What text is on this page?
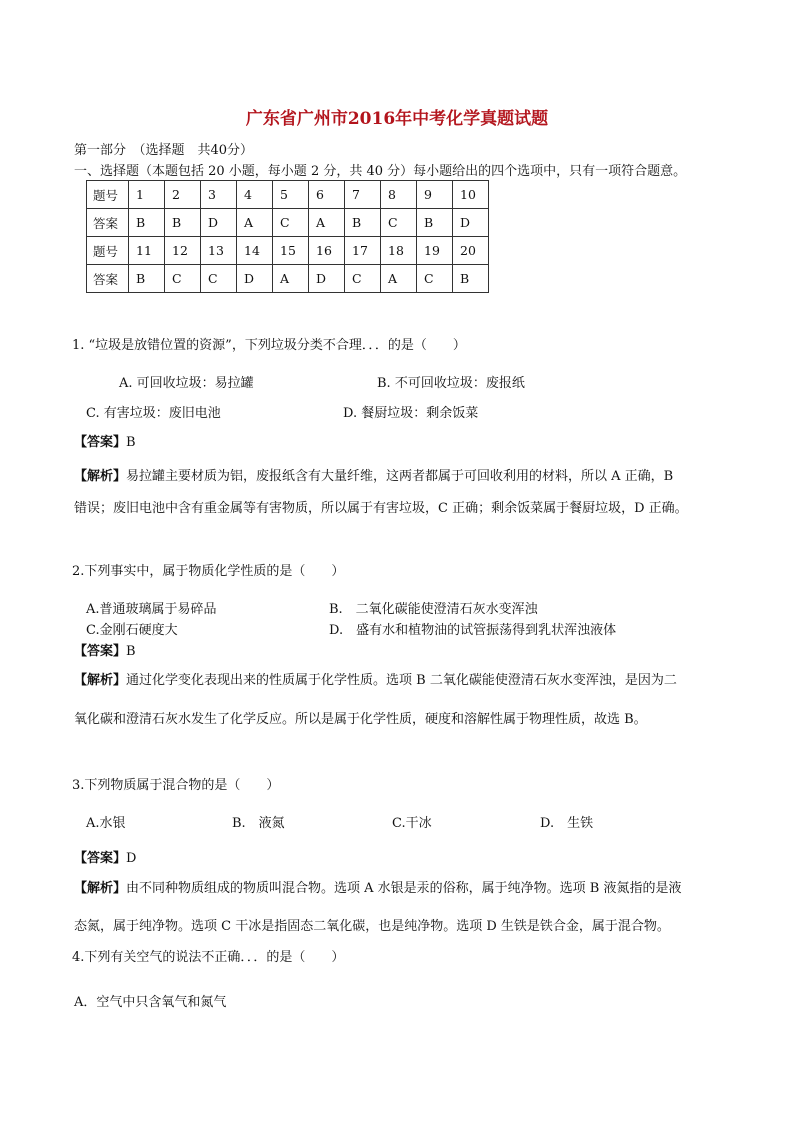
广东省广州市2016年中考化学真题试题
第一部分　（选择题　共40分）
一、选择题（本题包括 20 小题，每小题 2 分，共 40 分）每小题给出的四个选项中，只有一项符合题意。
题号	1	2	3	4	5	6	7	8	9	10
答案	B	B	D	A	C	A	B	C	B	D
题号	11	12	13	14	15	16	17	18	19	20
答案	B	C	C	D	A	D	C	A	C	B
1. “垃圾是放错位置的资源”，下列垃圾分类不合理．．．的是（　　）
A. 可回收垃圾：易拉罐	B. 不可回收垃圾：废报纸
C. 有害垃圾：废旧电池	D. 餐厨垃圾：剩余饭菜
【答案】B
【解析】易拉罐主要材质为铝，废报纸含有大量纤维，这两者都属于可回收利用的材料，所以 A 正确，B
错误；废旧电池中含有重金属等有害物质，所以属于有害垃圾，C 正确；剩余饭菜属于餐厨垃圾，D 正确。
2.下列事实中，属于物质化学性质的是（　　）
A.普通玻璃属于易碎品	B.　二氧化碳能使澄清石灰水变浑浊
C.金刚石硬度大	D.　盛有水和植物油的试管振荡得到乳状浑浊液体
【答案】B
【解析】通过化学变化表现出来的性质属于化学性质。选项 B 二氧化碳能使澄清石灰水变浑浊，是因为二
氧化碳和澄清石灰水发生了化学反应。所以是属于化学性质，硬度和溶解性属于物理性质，故选 B。
3.下列物质属于混合物的是（　　）
A.水银	B.　液氮	C.干冰	D.　生铁
【答案】D
【解析】由不同种物质组成的物质叫混合物。选项 A 水银是汞的俗称，属于纯净物。选项 B 液氮指的是液
态氮，属于纯净物。选项 C 干冰是指固态二氧化碳，也是纯净物。选项 D 生铁是铁合金，属于混合物。
4.下列有关空气的说法不正确．．．的是（　　）
A．空气中只含氧气和氮气
